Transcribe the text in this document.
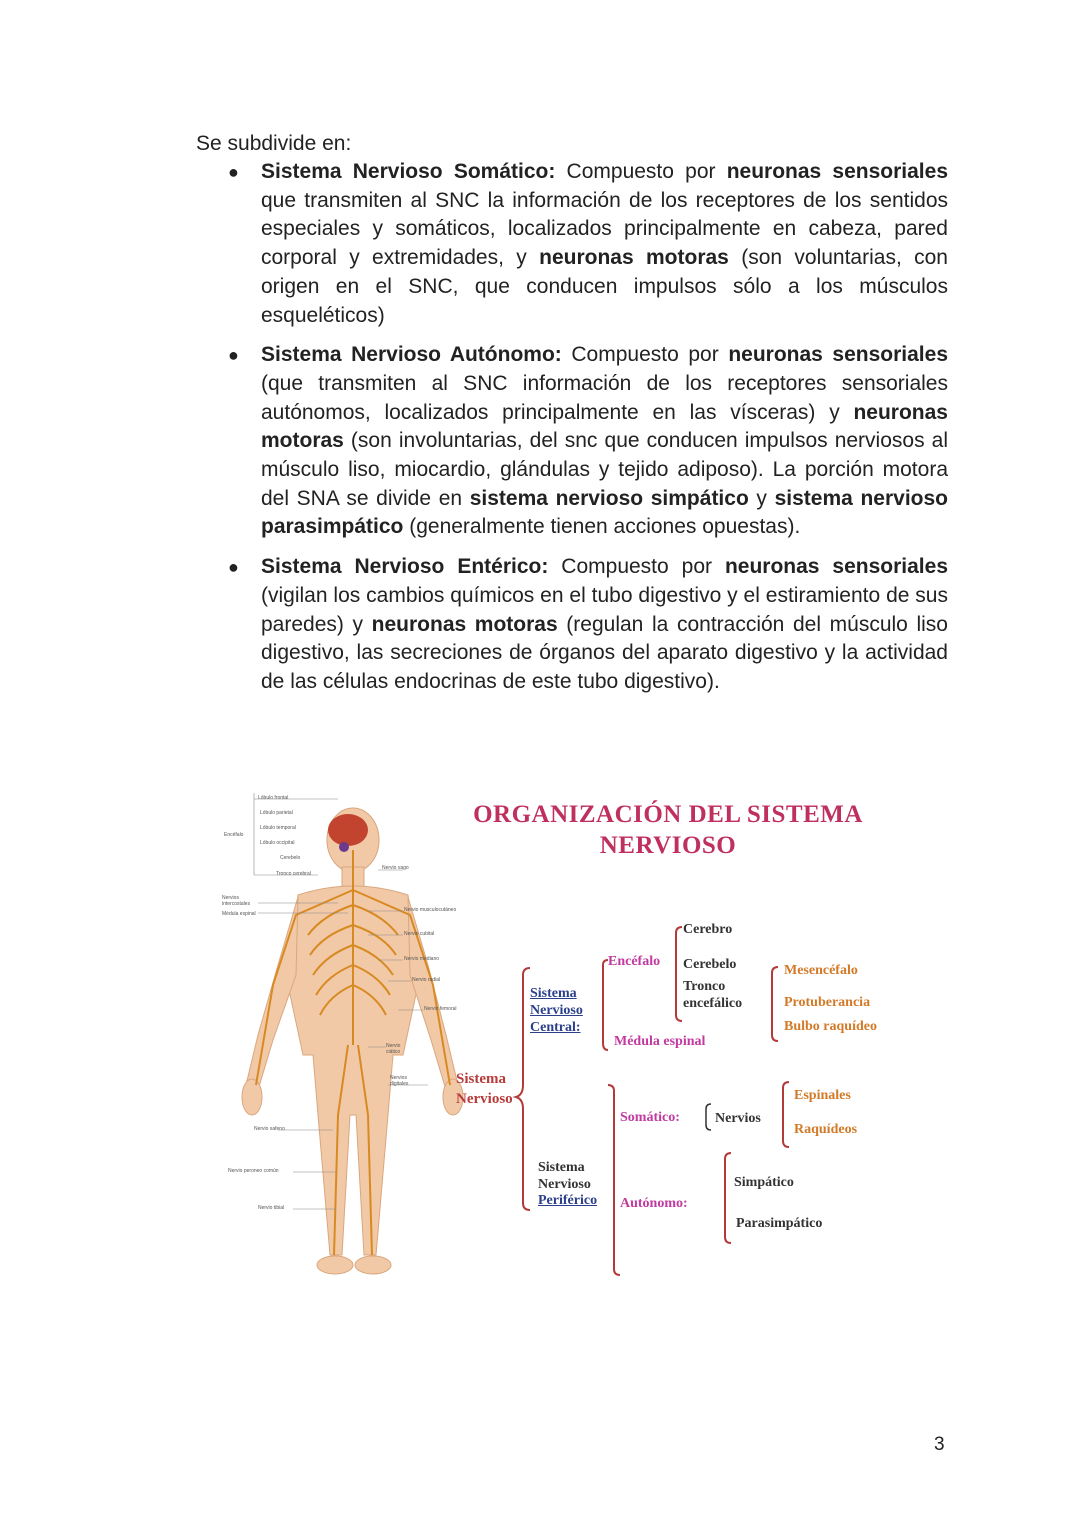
Se subdivide en:
● Sistema Nervioso Somático: Compuesto por neuronas sensoriales que transmiten al SNC la información de los receptores de los sentidos especiales y somáticos, localizados principalmente en cabeza, pared corporal y extremidades, y neuronas motoras (son voluntarias, con origen en el SNC, que conducen impulsos sólo a los músculos esqueléticos)
● Sistema Nervioso Autónomo: Compuesto por neuronas sensoriales (que transmiten al SNC información de los receptores sensoriales autónomos, localizados principalmente en las vísceras) y neuronas motoras (son involuntarias, del snc que conducen impulsos nerviosos al músculo liso, miocardio, glándulas y tejido adiposo). La porción motora del SNA se divide en sistema nervioso simpático y sistema nervioso parasimpático (generalmente tienen acciones opuestas).
● Sistema Nervioso Entérico: Compuesto por neuronas sensoriales (vigilan los cambios químicos en el tubo digestivo y el estiramiento de sus paredes) y neuronas motoras (regulan la contracción del músculo liso digestivo, las secreciones de órganos del aparato digestivo y la actividad de las células endocrinas de este tubo digestivo).
Lóbulo frontal
Lóbulo parietal
Lóbulo temporal
Lóbulo occipital
Cerebelo
Tronco cerebral
Encéfalo
Nervio vago
Nervios intercostales
Médula espinal
Nervio musculocutáneo
Nervio cubital
Nervio mediano
Nervio radial
Nervio femoral
Nervio ciático
Nervios digitales
Nervio safeno
Nervio peroneo común
Nervio tibial
ORGANIZACIÓN DEL SISTEMA
NERVIOSO
Sistema Nervioso
Sistema Nervioso Central:
Encéfalo
Cerebro
Cerebelo
Tronco encefálico
Mesencéfalo
Protuberancia
Bulbo raquídeo
Médula espinal
Sistema
Nervioso
Periférico
Somático:	Nervios
Espinales
Raquídeos
Autónomo:
Simpático
Parasimpático
3
